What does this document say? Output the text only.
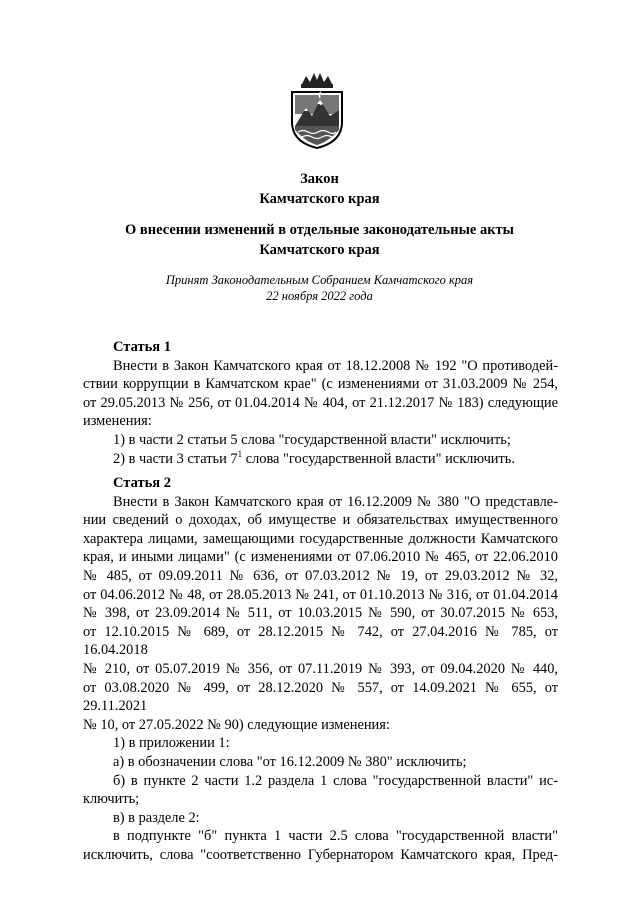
Закон
Камчатского края
О внесении изменений в отдельные законодательные акты
Камчатского края
Принят Законодательным Собранием Камчатского края
22 ноября 2022 года
Статья 1

Внести в Закон Камчатского края от 18.12.2008 № 192 "О противодей-

ствии коррупции в Камчатском крае" (с изменениями от 31.03.2009 № 254,

от 29.05.2013 № 256, от 01.04.2014 № 404, от 21.12.2017 № 183) следующие

изменения:

1) в части 2 статьи 5 слова "государственной власти" исключить;

2) в части 3 статьи $7^1$ слова "государственной власти" исключить.

Статья 2

Внести в Закон Камчатского края от 16.12.2009 № 380 "О представле-

нии сведений о доходах, об имуществе и обязательствах имущественного

характера лицами, замещающими государственные должности Камчатского

края, и иными лицами" (с изменениями от 07.06.2010 № 465, от 22.06.2010

№ 485, от 09.09.2011 № 636, от 07.03.2012 № 19, от 29.03.2012 № 32,

от 04.06.2012 № 48, от 28.05.2013 № 241, от 01.10.2013 № 316, от 01.04.2014

№ 398, от 23.09.2014 № 511, от 10.03.2015 № 590, от 30.07.2015 № 653,

от 12.10.2015 № 689, от 28.12.2015 № 742, от 27.04.2016 № 785, от 16.04.2018

№ 210, от 05.07.2019 № 356, от 07.11.2019 № 393, от 09.04.2020 № 440,

от 03.08.2020 № 499, от 28.12.2020 № 557, от 14.09.2021 № 655, от 29.11.2021

№ 10, от 27.05.2022 № 90) следующие изменения:

1) в приложении 1:

а) в обозначении слова "от 16.12.2009 № 380" исключить;

б) в пункте 2 части 1.2 раздела 1 слова "государственной власти" ис-

ключить;

в) в разделе 2:

в подпункте "б" пункта 1 части 2.5 слова "государственной власти"

исключить, слова "соответственно Губернатором Камчатского края, Пред-
